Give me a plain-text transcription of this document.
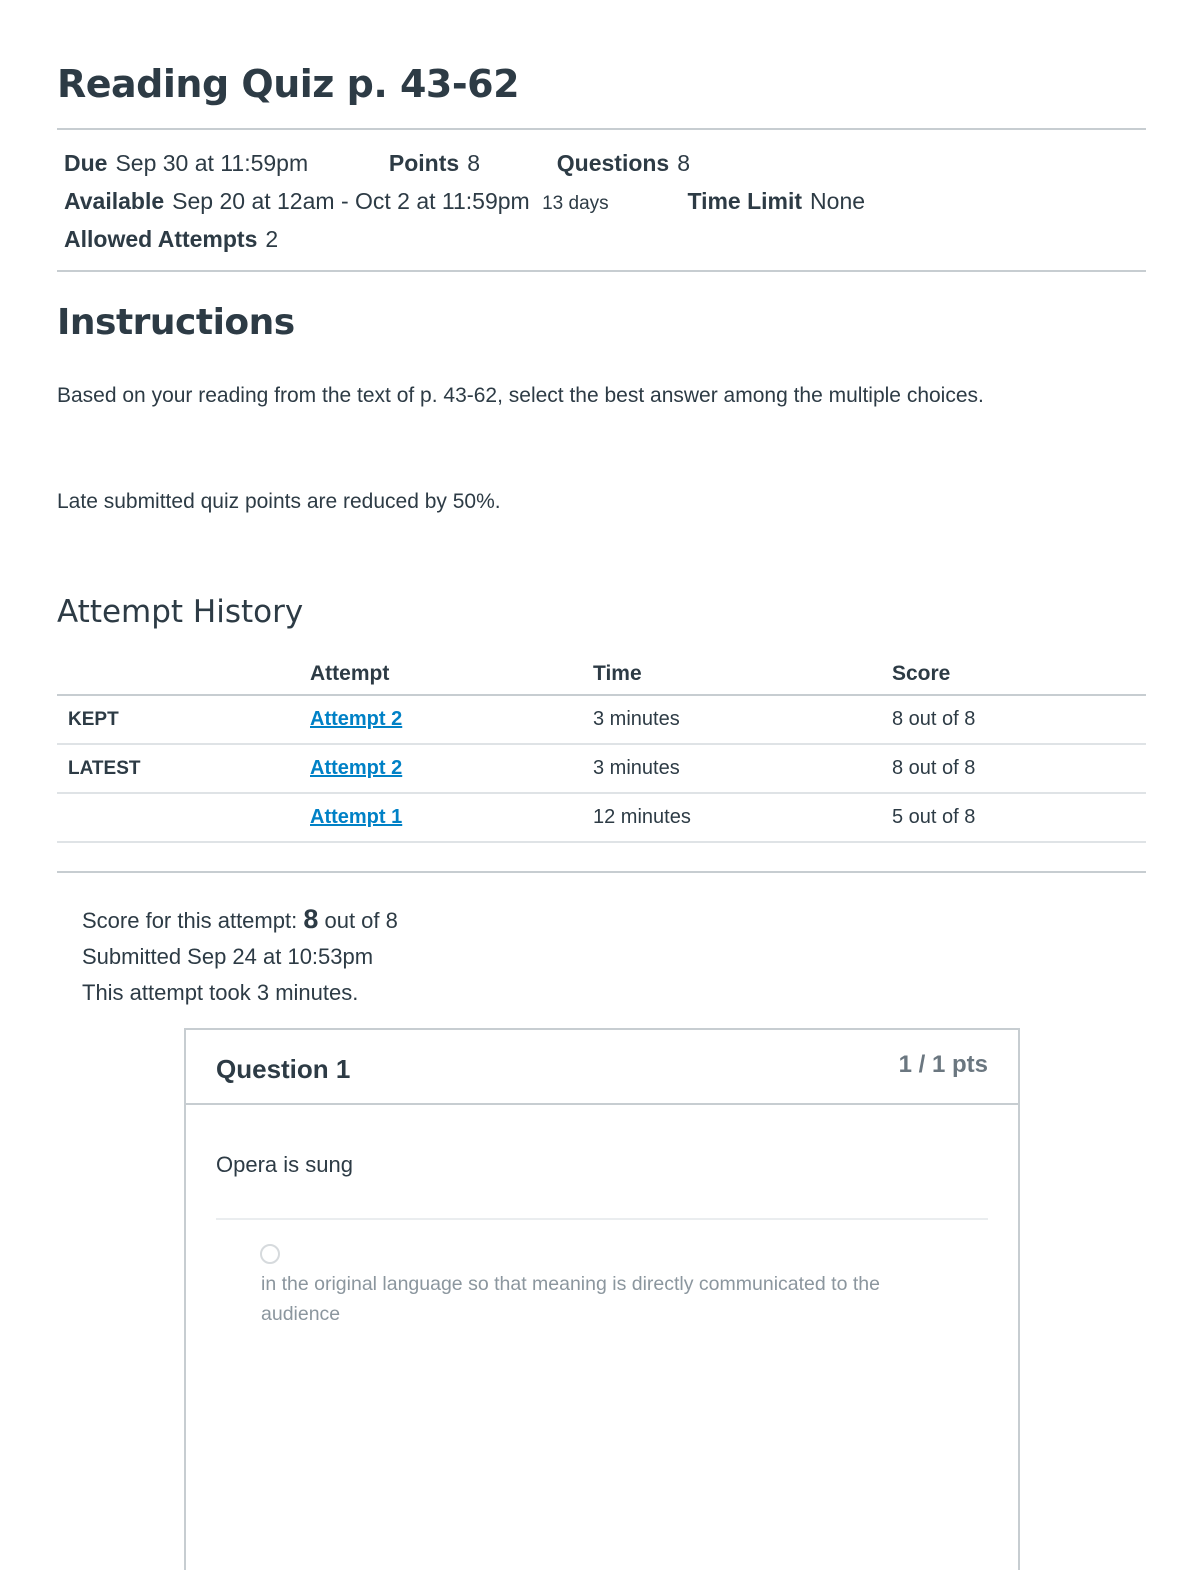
Reading Quiz p. 43-62
Due Sep 30 at 11:59pm	Points 8	Questions 8
Available Sep 20 at 12am - Oct 2 at 11:59pm 13 days	Time Limit None
Allowed Attempts 2
Instructions
Based on your reading from the text of p. 43-62, select the best answer among the multiple choices.
Late submitted quiz points are reduced by 50%.
Attempt History
	Attempt	Time	Score
KEPT	Attempt 2	3 minutes	8 out of 8
LATEST	Attempt 2	3 minutes	8 out of 8
	Attempt 1	12 minutes	5 out of 8
Score for this attempt: 8 out of 8
Submitted Sep 24 at 10:53pm
This attempt took 3 minutes.
Question 1	1 / 1 pts
Opera is sung
in the original language so that meaning is directly communicated to the audience
